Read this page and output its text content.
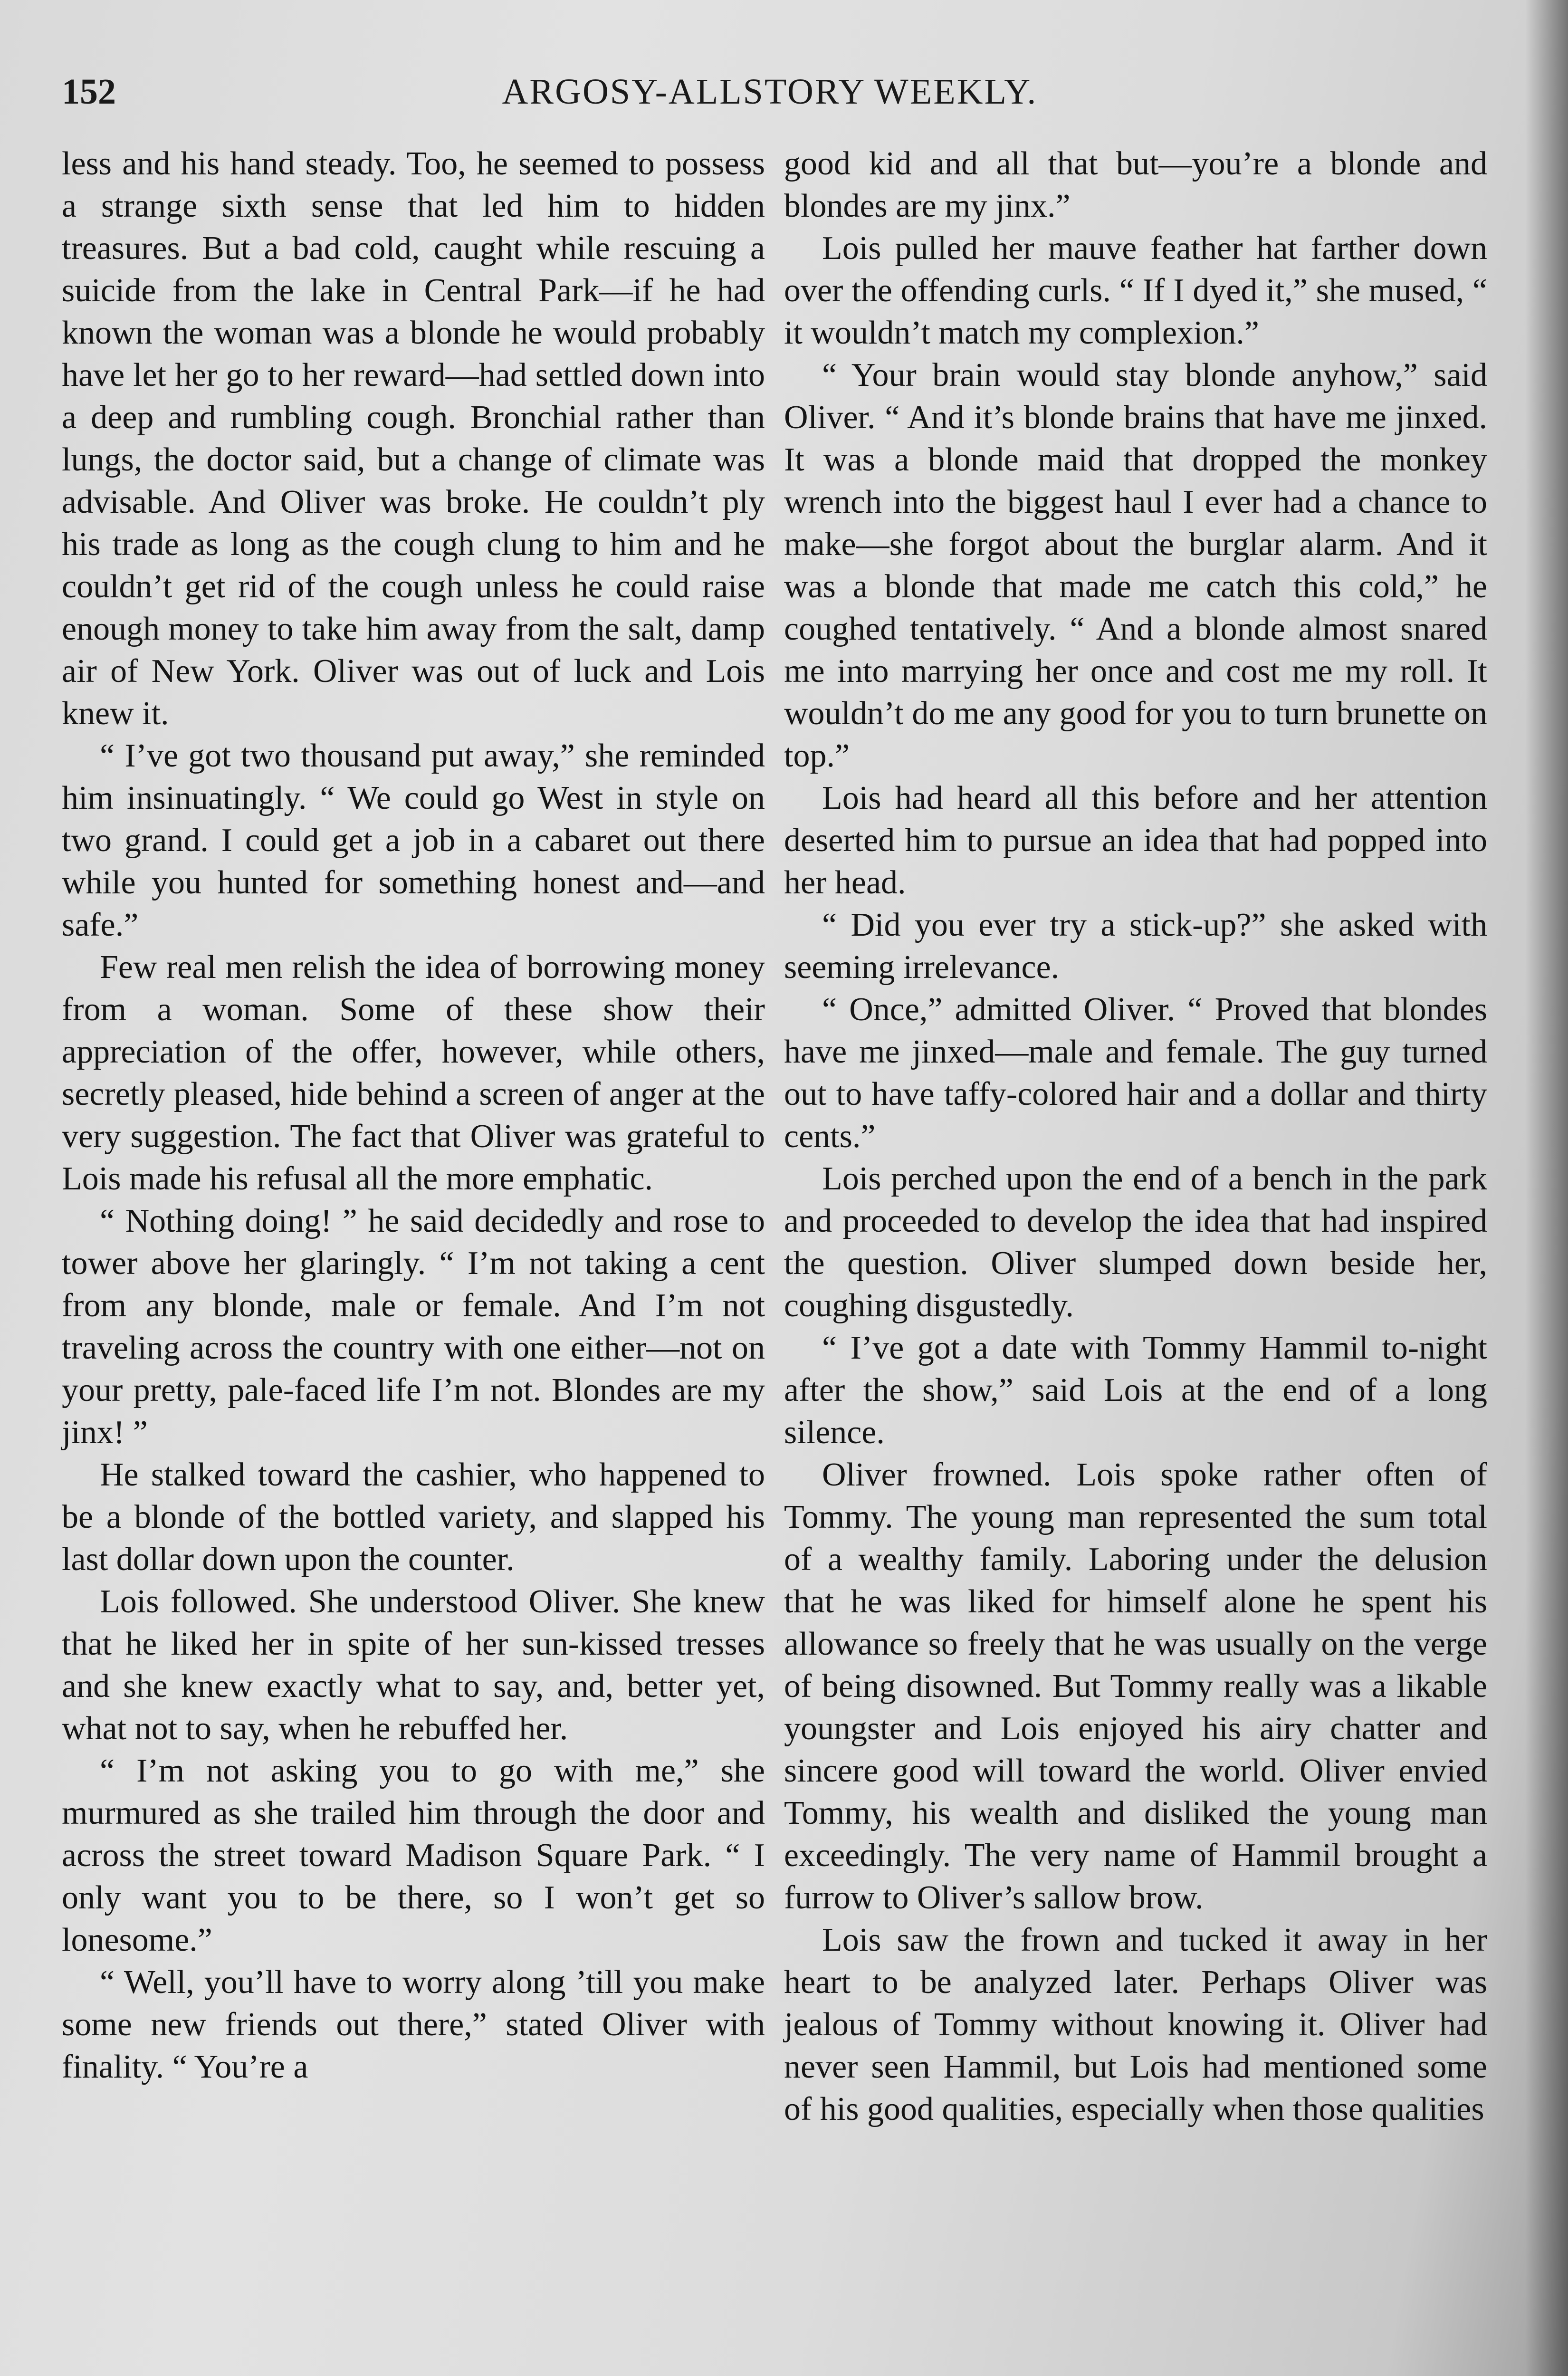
152	ARGOSY-ALLSTORY WEEKLY.

less and his hand steady. Too, he seemed to possess a strange sixth sense that led him to hidden treasures. But a bad cold, caught while rescuing a suicide from the lake in Central Park—if he had known the woman was a blonde he would probably have let her go to her reward—had settled down into a deep and rumbling cough. Bronchial rather than lungs, the doctor said, but a change of climate was advisable. And Oliver was broke. He couldn’t ply his trade as long as the cough clung to him and he couldn’t get rid of the cough unless he could raise enough money to take him away from the salt, damp air of New York. Oliver was out of luck and Lois knew it.

“ I’ve got two thousand put away,” she reminded him insinuatingly. “ We could go West in style on two grand. I could get a job in a cabaret out there while you hunted for something honest and—and safe.”

Few real men relish the idea of borrowing money from a woman. Some of these show their appreciation of the offer, however, while others, secretly pleased, hide behind a screen of anger at the very suggestion. The fact that Oliver was grateful to Lois made his refusal all the more emphatic.

“ Nothing doing! ” he said decidedly and rose to tower above her glaringly. “ I’m not taking a cent from any blonde, male or female. And I’m not traveling across the country with one either—not on your pretty, pale-faced life I’m not. Blondes are my jinx! ”

He stalked toward the cashier, who happened to be a blonde of the bottled variety, and slapped his last dollar down upon the counter.

Lois followed. She understood Oliver. She knew that he liked her in spite of her sun-kissed tresses and she knew exactly what to say, and, better yet, what not to say, when he rebuffed her.

“ I’m not asking you to go with me,” she murmured as she trailed him through the door and across the street toward Madison Square Park. “ I only want you to be there, so I won’t get so lonesome.”

“ Well, you’ll have to worry along ’till you make some new friends out there,” stated Oliver with finality. “ You’re a

good kid and all that but—you’re a blonde and blondes are my jinx.”

Lois pulled her mauve feather hat farther down over the offending curls. “ If I dyed it,” she mused, “ it wouldn’t match my complexion.”

“ Your brain would stay blonde anyhow,” said Oliver. “ And it’s blonde brains that have me jinxed. It was a blonde maid that dropped the monkey wrench into the biggest haul I ever had a chance to make—she forgot about the burglar alarm. And it was a blonde that made me catch this cold,” he coughed tentatively. “ And a blonde almost snared me into marrying her once and cost me my roll. It wouldn’t do me any good for you to turn brunette on top.”

Lois had heard all this before and her attention deserted him to pursue an idea that had popped into her head.

“ Did you ever try a stick-up?” she asked with seeming irrelevance.

“ Once,” admitted Oliver. “ Proved that blondes have me jinxed—male and female. The guy turned out to have taffy-colored hair and a dollar and thirty cents.”

Lois perched upon the end of a bench in the park and proceeded to develop the idea that had inspired the question. Oliver slumped down beside her, coughing disgustedly.

“ I’ve got a date with Tommy Hammil to-night after the show,” said Lois at the end of a long silence.

Oliver frowned. Lois spoke rather often of Tommy. The young man represented the sum total of a wealthy family. Laboring under the delusion that he was liked for himself alone he spent his allowance so freely that he was usually on the verge of being disowned. But Tommy really was a likable youngster and Lois enjoyed his airy chatter and sincere good will toward the world. Oliver envied Tommy, his wealth and disliked the young man exceedingly. The very name of Hammil brought a furrow to Oliver’s sallow brow.

Lois saw the frown and tucked it away in her heart to be analyzed later. Perhaps Oliver was jealous of Tommy without knowing it. Oliver had never seen Hammil, but Lois had mentioned some of his good qualities, especially when those qualities
